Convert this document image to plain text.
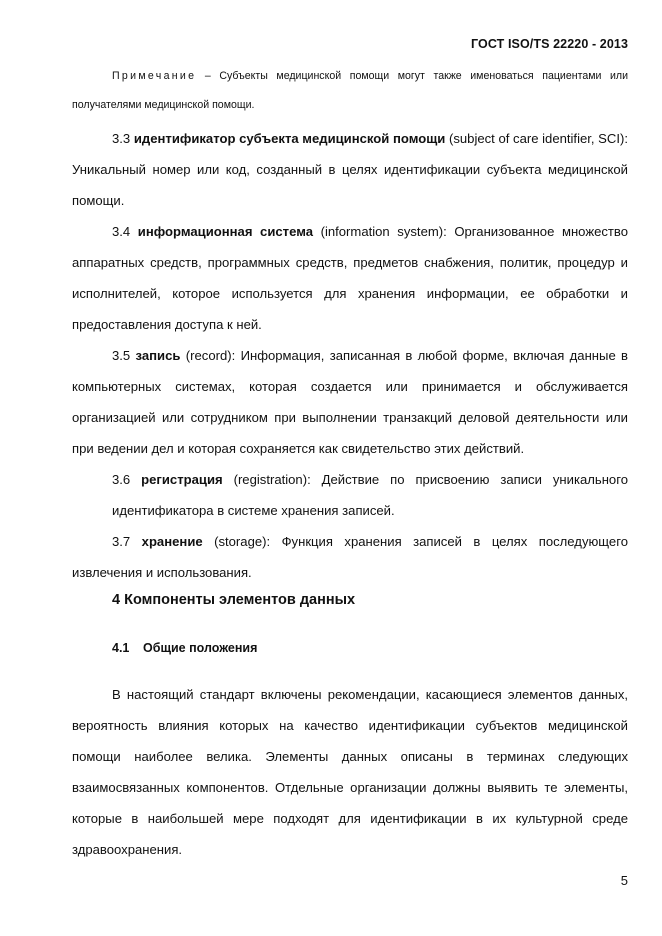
ГОСТ ISO/TS 22220 - 2013

Примечание – Субъекты медицинской помощи могут также именоваться пациентами или получателями медицинской помощи.

3.3 идентификатор субъекта медицинской помощи (subject of care identifier, SCI): Уникальный номер или код, созданный в целях идентификации субъекта медицинской помощи.

3.4 информационная система (information system): Организованное множество аппаратных средств, программных средств, предметов снабжения, политик, процедур и исполнителей, которое используется для хранения информации, ее обработки и предоставления доступа к ней.

3.5 запись (record): Информация, записанная в любой форме, включая данные в компьютерных системах, которая создается или принимается и обслуживается организацией или сотрудником при выполнении транзакций деловой деятельности или при ведении дел и которая сохраняется как свидетельство этих действий.

3.6 регистрация (registration): Действие по присвоению записи уникального идентификатора в системе хранения записей.

3.7 хранение (storage): Функция хранения записей в целях последующего извлечения и использования.

4 Компоненты элементов данных
4.1 Общие положения

В настоящий стандарт включены рекомендации, касающиеся элементов данных, вероятность влияния которых на качество идентификации субъектов медицинской помощи наиболее велика. Элементы данных описаны в терминах следующих взаимосвязанных компонентов. Отдельные организации должны выявить те элементы, которые в наибольшей мере подходят для идентификации в их культурной среде здравоохранения.

5
